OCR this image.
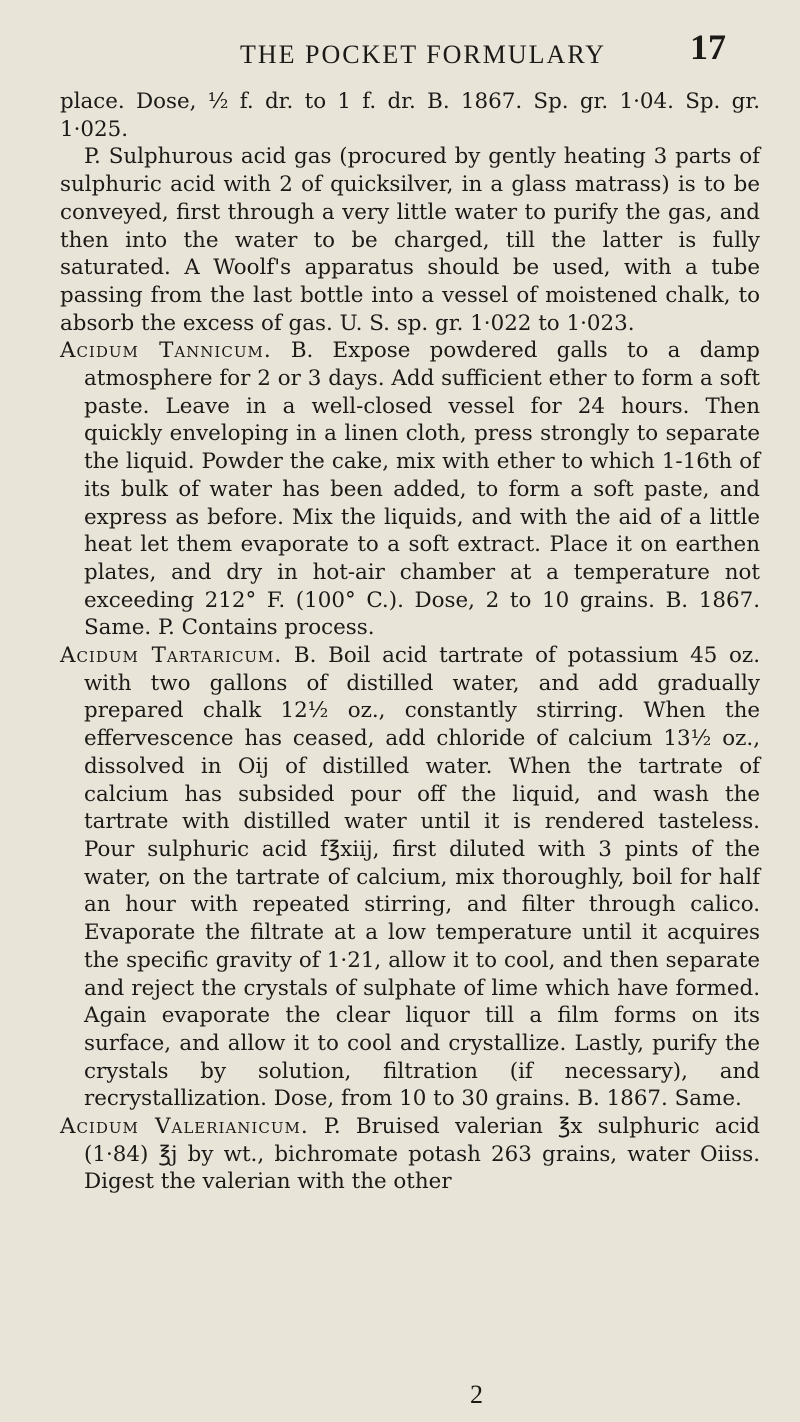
THE POCKET FORMULARY 17

place. Dose, ½ f. dr. to 1 f. dr. B. 1867. Sp. gr. 1·04. Sp. gr. 1·025.

P. Sulphurous acid gas (procured by gently heating 3 parts of sulphuric acid with 2 of quicksilver, in a glass matrass) is to be conveyed, first through a very little water to purify the gas, and then into the water to be charged, till the latter is fully saturated. A Woolf's apparatus should be used, with a tube passing from the last bottle into a vessel of moistened chalk, to absorb the excess of gas. U. S. sp. gr. 1·022 to 1·023.

Acidum Tannicum. B. Expose powdered galls to a damp atmosphere for 2 or 3 days. Add sufficient ether to form a soft paste. Leave in a well-closed vessel for 24 hours. Then quickly enveloping in a linen cloth, press strongly to separate the liquid. Powder the cake, mix with ether to which 1-16th of its bulk of water has been added, to form a soft paste, and express as before. Mix the liquids, and with the aid of a little heat let them evaporate to a soft extract. Place it on earthen plates, and dry in hot-air chamber at a temperature not exceeding 212° F. (100° C.). Dose, 2 to 10 grains. B. 1867. Same. P. Contains process.

Acidum Tartaricum. B. Boil acid tartrate of potassium 45 oz. with two gallons of distilled water, and add gradually prepared chalk 12½ oz., constantly stirring. When the effervescence has ceased, add chloride of calcium 13½ oz., dissolved in Oij of distilled water. When the tartrate of calcium has subsided pour off the liquid, and wash the tartrate with distilled water until it is rendered tasteless. Pour sulphuric acid f℥xiij, first diluted with 3 pints of the water, on the tartrate of calcium, mix thoroughly, boil for half an hour with repeated stirring, and filter through calico. Evaporate the filtrate at a low temperature until it acquires the specific gravity of 1·21, allow it to cool, and then separate and reject the crystals of sulphate of lime which have formed. Again evaporate the clear liquor till a film forms on its surface, and allow it to cool and crystallize. Lastly, purify the crystals by solution, filtration (if necessary), and recrystallization. Dose, from 10 to 30 grains. B. 1867. Same.

Acidum Valerianicum. P. Bruised valerian ℥x sulphuric acid (1·84) ℥j by wt., bichromate potash 263 grains, water Oiiss. Digest the valerian with the other

2
